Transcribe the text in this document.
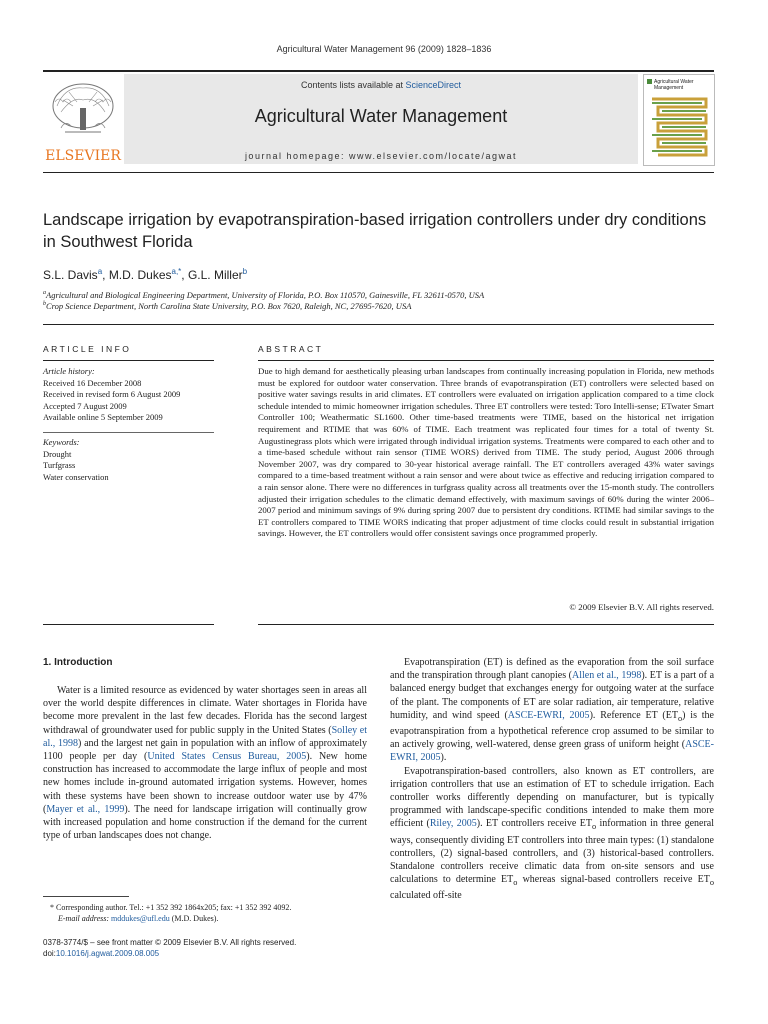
Agricultural Water Management 96 (2009) 1828–1836
ELSEVIER
Contents lists available at ScienceDirect
Agricultural Water Management
journal homepage: www.elsevier.com/locate/agwat
Agricultural Water Management
Landscape irrigation by evapotranspiration-based irrigation controllers under dry conditions in Southwest Florida
S.L. Davis$^a$, M.D. Dukes$^{a,*}$, G.L. Miller$^b$
$^a$Agricultural and Biological Engineering Department, University of Florida, P.O. Box 110570, Gainesville, FL 32611-0570, USA
$^b$Crop Science Department, North Carolina State University, P.O. Box 7620, Raleigh, NC, 27695-7620, USA
ARTICLE INFO
Article history:
Received 16 December 2008
Received in revised form 6 August 2009
Accepted 7 August 2009
Available online 5 September 2009
Keywords:
Drought
Turfgrass
Water conservation
ABSTRACT
Due to high demand for aesthetically pleasing urban landscapes from continually increasing population in Florida, new methods must be explored for outdoor water conservation. Three brands of evapotranspiration (ET) controllers were selected based on positive water savings results in arid climates. ET controllers were evaluated on irrigation application compared to a time clock schedule intended to mimic homeowner irrigation schedules. Three ET controllers were tested: Toro Intelli-sense; ETwater Smart Controller 100; Weathermatic SL1600. Other time-based treatments were TIME, based on the historical net irrigation requirement and RTIME that was 60% of TIME. Each treatment was replicated four times for a total of twenty St. Augustinegrass plots which were irrigated through individual irrigation systems. Treatments were compared to each other and to a time-based schedule without rain sensor (TIME WORS) derived from TIME. The study period, August 2006 through November 2007, was dry compared to 30-year historical average rainfall. The ET controllers averaged 43% water savings compared to a time-based treatment without a rain sensor and were about twice as effective and reducing irrigation compared to a rain sensor alone. There were no differences in turfgrass quality across all treatments over the 15-month study. The controllers adjusted their irrigation schedules to the climatic demand effectively, with maximum savings of 60% during the winter 2006–2007 period and minimum savings of 9% during spring 2007 due to persistent dry conditions. RTIME had similar savings to the ET controllers compared to TIME WORS indicating that proper adjustment of time clocks could result in substantial irrigation savings. However, the ET controllers would offer consistent savings once programmed properly.
© 2009 Elsevier B.V. All rights reserved.
1. Introduction

Water is a limited resource as evidenced by water shortages seen in areas all over the world despite differences in climate. Water shortages in Florida have become more prevalent in the last few decades. Florida has the second largest withdrawal of groundwater used for public supply in the United States (Solley et al., 1998) and the largest net gain in population with an inflow of approximately 1100 people per day (United States Census Bureau, 2005). New home construction has increased to accommodate the large influx of people and most new homes include in-ground automated irrigation systems. However, homes with these systems have been shown to increase outdoor water use by 47% (Mayer et al., 1999). The need for landscape irrigation will continually grow with increased population and home construction if the demand for the current type of urban landscapes does not change.

Evapotranspiration (ET) is defined as the evaporation from the soil surface and the transpiration through plant canopies (Allen et al., 1998). ET is a part of a balanced energy budget that exchanges energy for outgoing water at the surface of the plant. The components of ET are solar radiation, air temperature, relative humidity, and wind speed (ASCE-EWRI, 2005). Reference ET $(ET_o)$ is the evapotranspiration from a hypothetical reference crop assumed to be similar to an actively growing, well-watered, dense green grass of uniform height (ASCE-EWRI, 2005).

Evapotranspiration-based controllers, also known as ET controllers, are irrigation controllers that use an estimation of ET to schedule irrigation. Each controller works differently depending on manufacturer, but is typically programmed with landscape-specific conditions intended to make them more efficient (Riley, 2005). ET controllers receive $ET_o$ information in three general ways, consequently dividing ET controllers into three main types: (1) standalone controllers, (2) signal-based controllers, and (3) historical-based controllers. Standalone controllers receive climatic data from on-site sensors and use calculations to determine $ET_o$ whereas signal-based controllers receive $ET_o$ calculated off-site

* Corresponding author. Tel.: +1 352 392 1864x205; fax: +1 352 392 4092.
E-mail address: mddukes@ufl.edu (M.D. Dukes).
0378-3774/$ – see front matter © 2009 Elsevier B.V. All rights reserved.
doi:10.1016/j.agwat.2009.08.005
